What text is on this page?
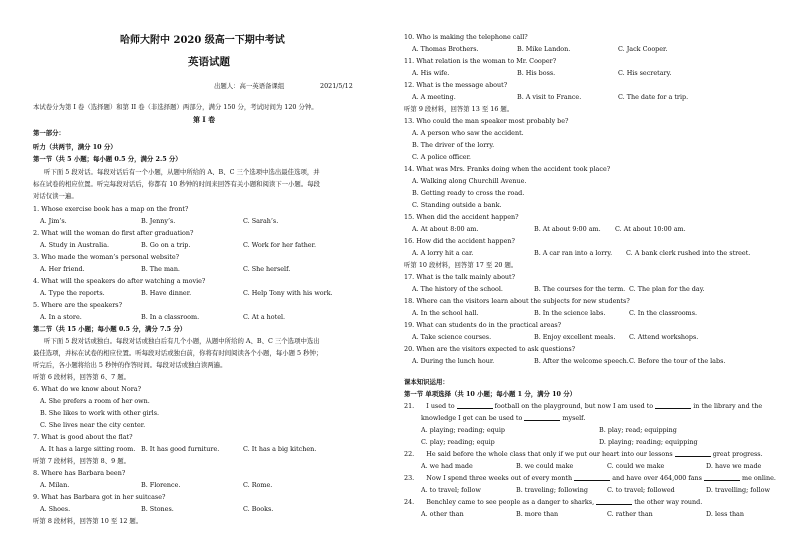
哈师大附中 2020 级高一下期中考试
英语试题
出题人：高一英语备课组	2021/5/12
本试卷分为第 I 卷（选择题）和第 II 卷（非选择题）两部分，满分 150 分，考试时间为 120 分钟。
第 I 卷
第一部分：
听力（共两节，满分 10 分）
第一节（共 5 小题；每小题 0.5 分，满分 2.5 分）
听下面 5 段对话。每段对话后有一个小题，从题中所给的 A、B、C 三个选项中选出最佳选项，并
标在试卷的相应位置。听完每段对话后，你都有 10 秒钟的时间来回答有关小题和阅读下一小题。每段
对话仅读一遍。
1. Whose exercise book has a map on the front?
A. Jim’s.	B. Jenny’s.	C. Sarah’s.
2. What will the woman do first after graduation?
A. Study in Australia.	B. Go on a trip.	C. Work for her father.
3. Who made the woman’s personal website?
A. Her friend.	B. The man.	C. She herself.
4. What will the speakers do after watching a movie?
A. Type the reports.	B. Have dinner.	C. Help Tony with his work.
5. Where are the speakers?
A. In a store.	B. In a classroom.	C. At a hotel.
第二节（共 15 小题；每小题 0.5 分，满分 7.5 分）
听下面 5 段对话或独白。每段对话或独白后有几个小题，从题中所给的 A、B、C 三个选项中选出
最佳选项，并标在试卷的相应位置。听每段对话或独白前，你将有时间阅读各个小题，每小题 5 秒钟；
听完后，各小题将给出 5 秒钟的作答时间。每段对话或独白读两遍。
听第 6 段材料，回答第 6、7 题。
6. What do we know about Nora?
A. She prefers a room of her own.
B. She likes to work with other girls.
C. She lives near the city center.
7. What is good about the flat?
A. It has a large sitting room. B. It has good furniture.	C. It has a big kitchen.
听第 7 段材料，回答第 8、9 题。
8. Where has Barbara been?
A. Milan.	B. Florence.	C. Rome.
9. What has Barbara got in her suitcase?
A. Shoes.	B. Stones.	C. Books.
听第 8 段材料，回答第 10 至 12 题。
10. Who is making the telephone call?
A. Thomas Brothers.	B. Mike Landon.	C. Jack Cooper.
11. What relation is the woman to Mr. Cooper?
A. His wife.	B. His boss.	C. His secretary.
12. What is the message about?
A. A meeting.	B. A visit to France.	C. The date for a trip.
听第 9 段材料，回答第 13 至 16 题。
13. Who could the man speaker most probably be?
A. A person who saw the accident.
B. The driver of the lorry.
C. A police officer.
14. What was Mrs. Franks doing when the accident took place?
A. Walking along Churchill Avenue.
B. Getting ready to cross the road.
C. Standing outside a bank.
15. When did the accident happen?
A. At about 8:00 am.	B. At about 9:00 am. C. At about 10:00 am.
16. How did the accident happen?
A. A lorry hit a car.	B. A car ran into a lorry. C. A bank clerk rushed into the street.
听第 10 段材料，回答第 17 至 20 题。
17. What is the talk mainly about?
A. The history of the school.	B. The courses for the term. C. The plan for the day.
18. Where can the visitors learn about the subjects for new students?
A. In the school hall.	B. In the science labs.	C. In the classrooms.
19. What can students do in the practical areas?
A. Take science courses.	B. Enjoy excellent meals. C. Attend workshops.
20. When are the visitors expected to ask questions?
A. During the lunch hour.	B. After the welcome speech. C. Before the tour of the labs.
课本知识运用：
第一节 单项选择（共 10 小题；每小题 1 分，满分 10 分）
21. I used to	football on the playground, but now I am used to	in the library and the
knowledge I get can be used to	myself.
A. playing; reading; equip	B. play; read; equipping
C. play; reading; equip	D. playing; reading; equipping
22. He said before the whole class that only if we put our heart into our lessons	great progress.
A. we had made	B. we could make	C. could we make	D. have we made
23. Now I spend three weeks out of every month	and have over 464,000 fans	me online.
A. to travel; follow	B. traveling; following	C. to travel; followed	D. travelling; follow
24. Benchley came to see people as a danger to sharks,	the other way round.
A. other than	B. more than	C. rather than	D. less than
